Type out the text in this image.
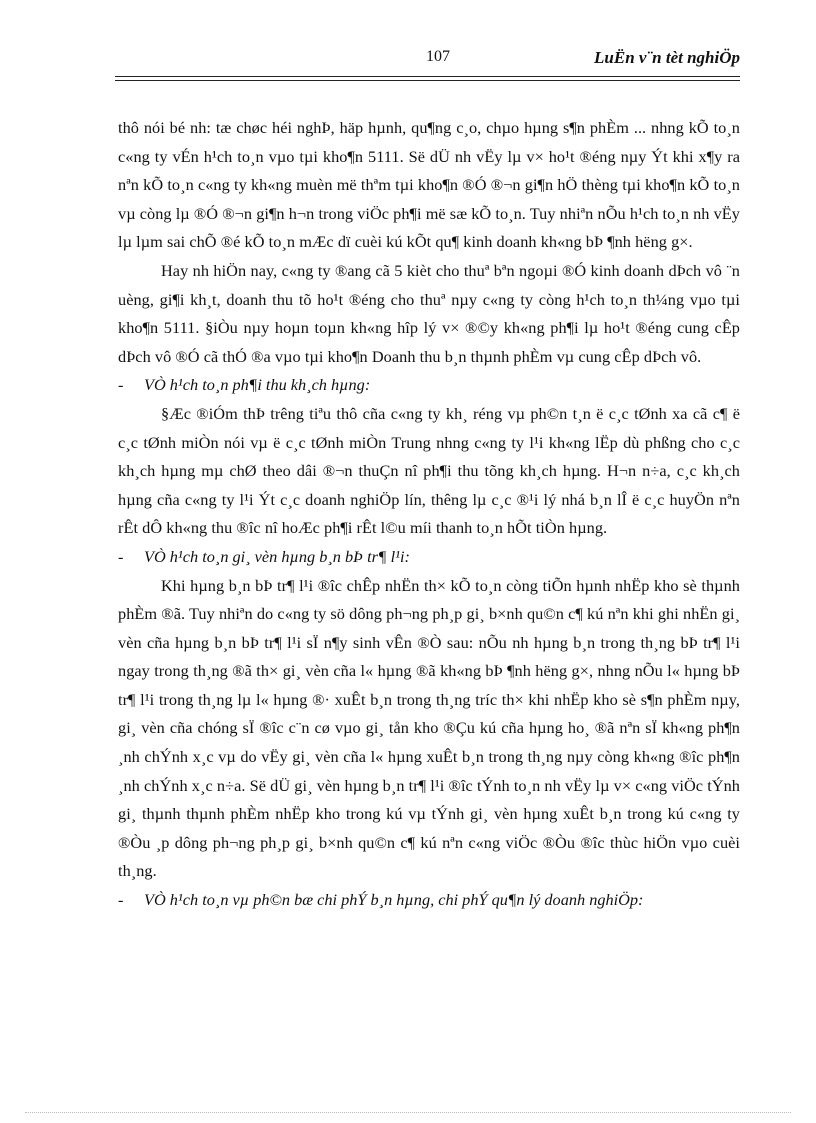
107	LuËn v¨n tèt nghiÖp

thô nói bé nh: tæ chøc héi nghÞ, häp hµnh, qu¶ng c¸o, chµo hµng s¶n phÈm ... nhng kÕ to¸n c«ng ty vÉn h¹ch to¸n vµo tµi kho¶n 5111. Së dÜ nh vËy lµ v× ho¹t ®éng nµy Ýt khi x¶y ra nªn kÕ to¸n c«ng ty kh«ng muèn më thªm tµi kho¶n ®Ó ®¬n gi¶n hÖ thèng tµi kho¶n kÕ to¸n vµ còng lµ ®Ó ®¬n gi¶n h¬n trong viÖc ph¶i më sæ kÕ to¸n. Tuy nhiªn nÕu h¹ch to¸n nh vËy lµ lµm sai chÕ ®é kÕ to¸n mÆc dï cuèi kú kÕt qu¶ kinh doanh kh«ng bÞ ¶nh hëng g×.

Hay nh hiÖn nay, c«ng ty ®ang cã 5 kièt cho thuª bªn ngoµi ®Ó kinh doanh dÞch vô ¨n uèng, gi¶i kh¸t, doanh thu tõ ho¹t ®éng cho thuª nµy c«ng ty còng h¹ch to¸n th¼ng vµo tµi kho¶n 5111. §iÒu nµy hoµn toµn kh«ng hîp lý v× ®©y kh«ng ph¶i lµ ho¹t ®éng cung cÊp dÞch vô ®Ó cã thÓ ®a vµo tµi kho¶n Doanh thu b¸n thµnh phÈm vµ cung cÊp dÞch vô.

- VÒ h¹ch to¸n ph¶i thu kh¸ch hµng:

§Æc ®iÓm thÞ trêng tiªu thô cña c«ng ty kh¸ réng vµ ph©n t¸n ë c¸c tØnh xa cã c¶ ë c¸c tØnh miÒn nói vµ ë c¸c tØnh miÒn Trung nhng c«ng ty l¹i kh«ng lËp dù phßng cho c¸c kh¸ch hµng mµ chØ theo dâi ®¬n thuÇn nî ph¶i thu tõng kh¸ch hµng. H¬n n÷a, c¸c kh¸ch hµng cña c«ng ty l¹i Ýt c¸c doanh nghiÖp lín, thêng lµ c¸c ®¹i lý nhá b¸n lÎ ë c¸c huyÖn nªn rÊt dÔ kh«ng thu ®îc nî hoÆc ph¶i rÊt l©u míi thanh to¸n hÕt tiÒn hµng.

- VÒ h¹ch to¸n gi¸ vèn hµng b¸n bÞ tr¶ l¹i:

Khi hµng b¸n bÞ tr¶ l¹i ®îc chÊp nhËn th× kÕ to¸n còng tiÕn hµnh nhËp kho sè thµnh phÈm ®ã. Tuy nhiªn do c«ng ty sö dông ph¬ng ph¸p gi¸ b×nh qu©n c¶ kú nªn khi ghi nhËn gi¸ vèn cña hµng b¸n bÞ tr¶ l¹i sÏ n¶y sinh vÊn ®Ò sau: nÕu nh hµng b¸n trong th¸ng bÞ tr¶ l¹i ngay trong th¸ng ®ã th× gi¸ vèn cña l« hµng ®ã kh«ng bÞ ¶nh hëng g×, nhng nÕu l« hµng bÞ tr¶ l¹i trong th¸ng lµ l« hµng ®· xuÊt b¸n trong th¸ng tríc th× khi nhËp kho sè s¶n phÈm nµy, gi¸ vèn cña chóng sÏ ®îc c¨n cø vµo gi¸ tån kho ®Çu kú cña hµng ho¸ ®ã nªn sÏ kh«ng ph¶n ¸nh chÝnh x¸c vµ do vËy gi¸ vèn cña l« hµng xuÊt b¸n trong th¸ng nµy còng kh«ng ®îc ph¶n ¸nh chÝnh x¸c n÷a. Së dÜ gi¸ vèn hµng b¸n tr¶ l¹i ®îc tÝnh to¸n nh vËy lµ v× c«ng viÖc tÝnh gi¸ thµnh thµnh phÈm nhËp kho trong kú vµ tÝnh gi¸ vèn hµng xuÊt b¸n trong kú c«ng ty ®Òu ¸p dông ph¬ng ph¸p gi¸ b×nh qu©n c¶ kú nªn c«ng viÖc ®Òu ®îc thùc hiÖn vµo cuèi th¸ng.

- VÒ h¹ch to¸n vµ ph©n bæ chi phÝ b¸n hµng, chi phÝ qu¶n lý doanh nghiÖp:
